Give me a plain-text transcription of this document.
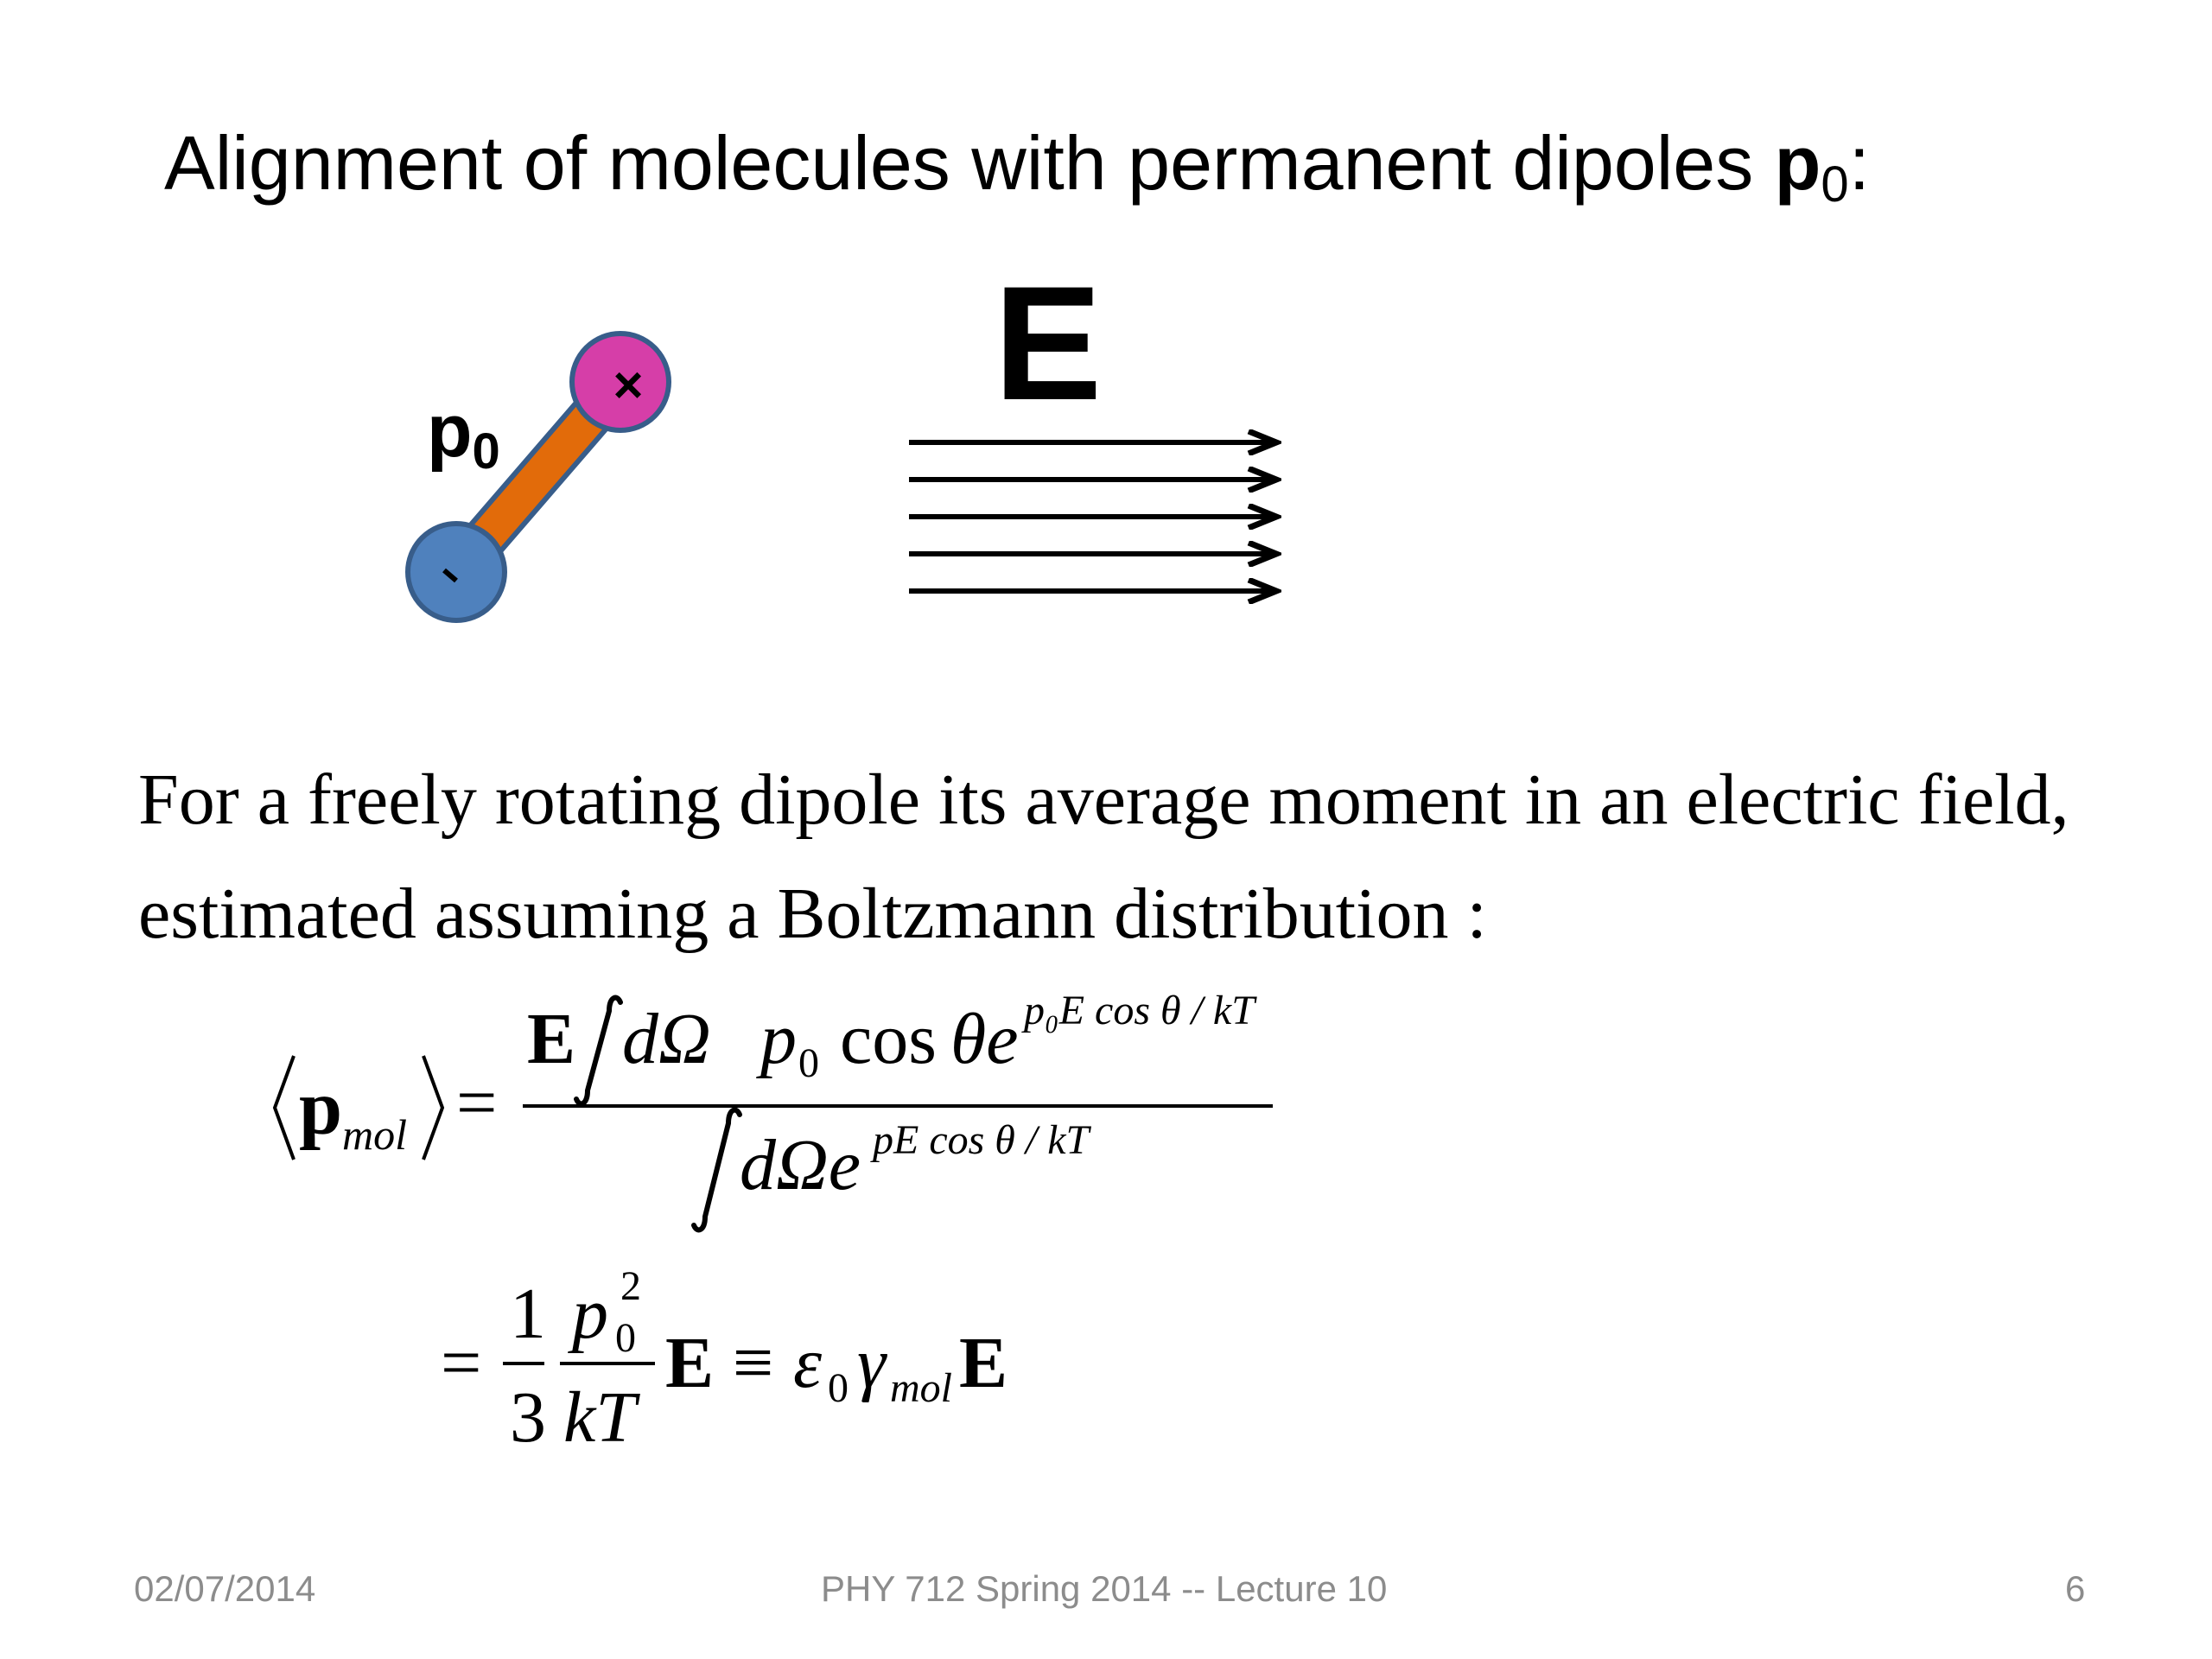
Alignment of molecules with permanent dipoles $p_0$:
×
p0
E
For a freely rotating dipole its average moment in an electric field,
estimated assuming a Boltzmann distribution :
p mol =
E dΩ p 0 cos θe p₀E cos θ / kT
dΩe pE cos θ / kT
=
1
3
p 2
0
kT
E ≡ ε 0 γ mol E
02/07/2014	PHY 712 Spring 2014 -- Lecture 10	6
